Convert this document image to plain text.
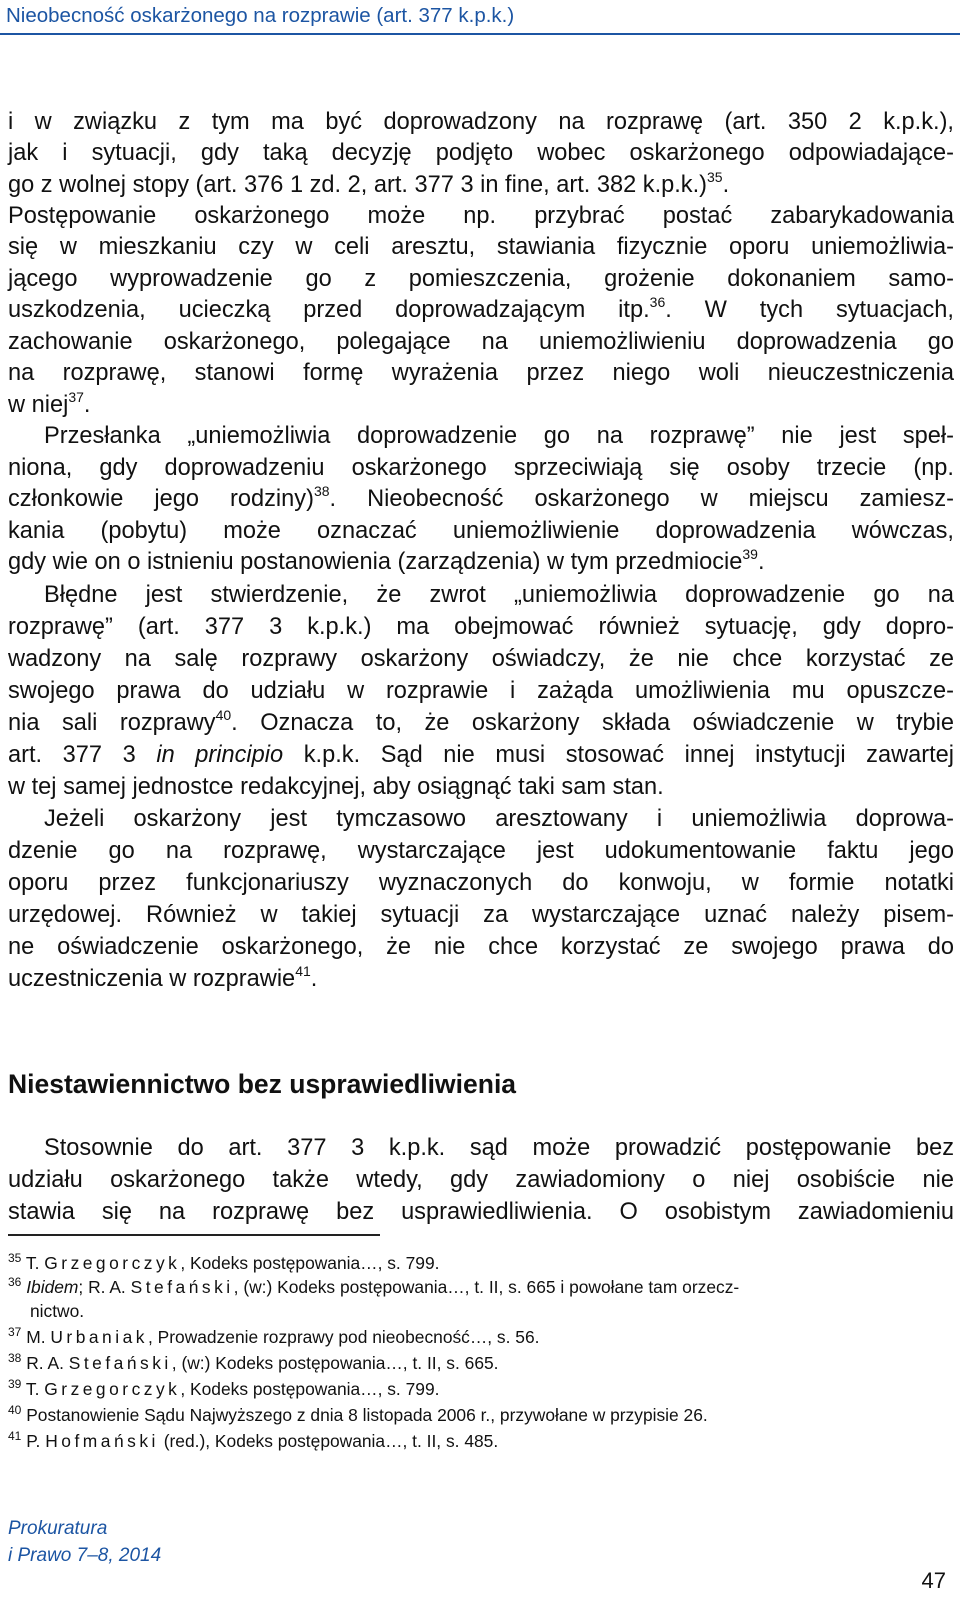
Nieobecność oskarżonego na rozprawie (art. 377 k.p.k.)
i w związku z tym ma być doprowadzony na rozprawę (art. 350 2 k.p.k.),
jak i sytuacji, gdy taką decyzję podjęto wobec oskarżonego odpowiadające-
go z wolnej stopy (art. 376 1 zd. 2, art. 377 3 in fine, art. 382 k.p.k.)$^{35}$.
Postępowanie oskarżonego może np. przybrać postać zabarykadowania
się w mieszkaniu czy w celi aresztu, stawiania fizycznie oporu uniemożliwia-
jącego wyprowadzenie go z pomieszczenia, grożenie dokonaniem samo-
uszkodzenia, ucieczką przed doprowadzającym itp.$^{36}$. W tych sytuacjach,
zachowanie oskarżonego, polegające na uniemożliwieniu doprowadzenia go
na rozprawę, stanowi formę wyrażenia przez niego woli nieuczestniczenia
w niej$^{37}$.
Przesłanka „uniemożliwia doprowadzenie go na rozprawę” nie jest speł-
niona, gdy doprowadzeniu oskarżonego sprzeciwiają się osoby trzecie (np.
członkowie jego rodziny)$^{38}$. Nieobecność oskarżonego w miejscu zamiesz-
kania (pobytu) może oznaczać uniemożliwienie doprowadzenia wówczas,
gdy wie on o istnieniu postanowienia (zarządzenia) w tym przedmiocie$^{39}$.
Błędne jest stwierdzenie, że zwrot „uniemożliwia doprowadzenie go na
rozprawę” (art. 377 3 k.p.k.) ma obejmować również sytuację, gdy dopro-
wadzony na salę rozprawy oskarżony oświadczy, że nie chce korzystać ze
swojego prawa do udziału w rozprawie i zażąda umożliwienia mu opuszcze-
nia sali rozprawy$^{40}$. Oznacza to, że oskarżony składa oświadczenie w trybie
art. 377 3 in principio k.p.k. Sąd nie musi stosować innej instytucji zawartej
w tej samej jednostce redakcyjnej, aby osiągnąć taki sam stan.
Jeżeli oskarżony jest tymczasowo aresztowany i uniemożliwia doprowa-
dzenie go na rozprawę, wystarczające jest udokumentowanie faktu jego
oporu przez funkcjonariuszy wyznaczonych do konwoju, w formie notatki
urzędowej. Również w takiej sytuacji za wystarczające uznać należy pisem-
ne oświadczenie oskarżonego, że nie chce korzystać ze swojego prawa do
uczestniczenia w rozprawie$^{41}$.
Niestawiennictwo bez usprawiedliwienia
Stosownie do art. 377 3 k.p.k. sąd może prowadzić postępowanie bez
udziału oskarżonego także wtedy, gdy zawiadomiony o niej osobiście nie
stawia się na rozprawę bez usprawiedliwienia. O osobistym zawiadomieniu
$^{35}$ T. Grzegorczyk, Kodeks postępowania…, s. 799.
$^{36}$ Ibidem; R. A. Stefański, (w:) Kodeks postępowania…, t. II, s. 665 i powołane tam orzecz-
nictwo.
$^{37}$ M. Urbaniak, Prowadzenie rozprawy pod nieobecność…, s. 56.
$^{38}$ R. A. Stefański, (w:) Kodeks postępowania…, t. II, s. 665.
$^{39}$ T. Grzegorczyk, Kodeks postępowania…, s. 799.
$^{40}$ Postanowienie Sądu Najwyższego z dnia 8 listopada 2006 r., przywołane w przypisie 26.
$^{41}$ P. Hofmański (red.), Kodeks postępowania…, t. II, s. 485.
Prokuratura
i Prawo 7–8, 2014
47
